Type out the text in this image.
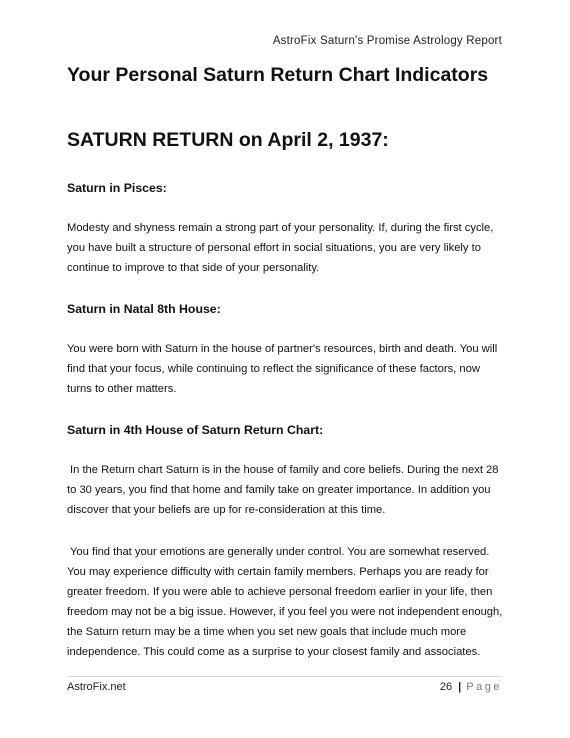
AstroFix Saturn's Promise Astrology Report
Your Personal Saturn Return Chart Indicators
SATURN RETURN on April 2, 1937:
Saturn in Pisces:

Modesty and shyness remain a strong part of your personality. If, during the first cycle, you have built a structure of personal effort in social situations, you are very likely to continue to improve to that side of your personality.

Saturn in Natal 8th House:

You were born with Saturn in the house of partner's resources, birth and death. You will find that your focus, while continuing to reflect the significance of these factors, now turns to other matters.

Saturn in 4th House of Saturn Return Chart:

In the Return chart Saturn is in the house of family and core beliefs. During the next 28 to 30 years, you find that home and family take on greater importance. In addition you discover that your beliefs are up for re-consideration at this time.

You find that your emotions are generally under control. You are somewhat reserved. You may experience difficulty with certain family members. Perhaps you are ready for greater freedom. If you were able to achieve personal freedom earlier in your life, then freedom may not be a big issue. However, if you feel you were not independent enough, the Saturn return may be a time when you set new goals that include much more independence. This could come as a surprise to your closest family and associates.

AstroFix.net	26 | Page
